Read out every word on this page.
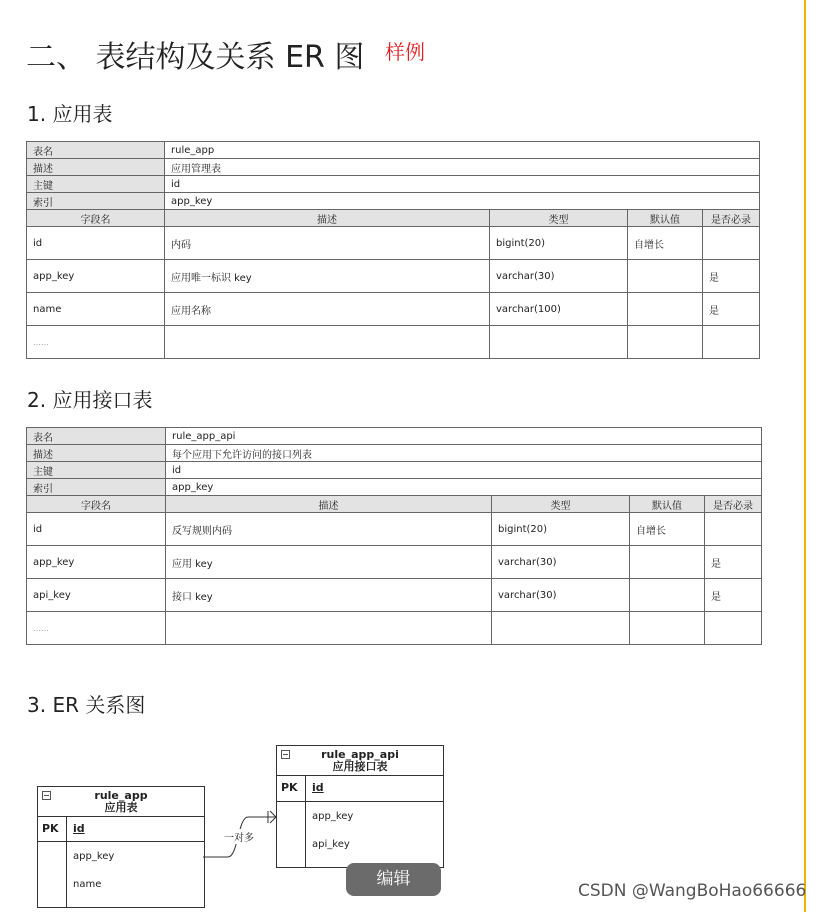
二、 表结构及关系 ER 图 样例
1. 应用表
表名	rule_app			
描述	应用管理表			
主键	id			
索引	app_key			
字段名	描述	类型	默认值	是否必录
id	内码	bigint(20)	自增长	
app_key	应用唯一标识 key	varchar(30)		是
name	应用名称	varchar(100)		是
……				
2. 应用接口表
表名	rule_app_api			
描述	每个应用下允许访问的接口列表			
主键	id			
索引	app_key			
字段名	描述	类型	默认值	是否必录
id	反写规则内码	bigint(20)	自增长	
app_key	应用 key	varchar(30)		是
api_key	接口 key	varchar(30)		是
……				
3. ER 关系图
rule_app
应用表
PK id
app_key
name
rule_app_api
应用接口表
PK id
app_key
api_key
一对多
编辑
CSDN @WangBoHao66666
